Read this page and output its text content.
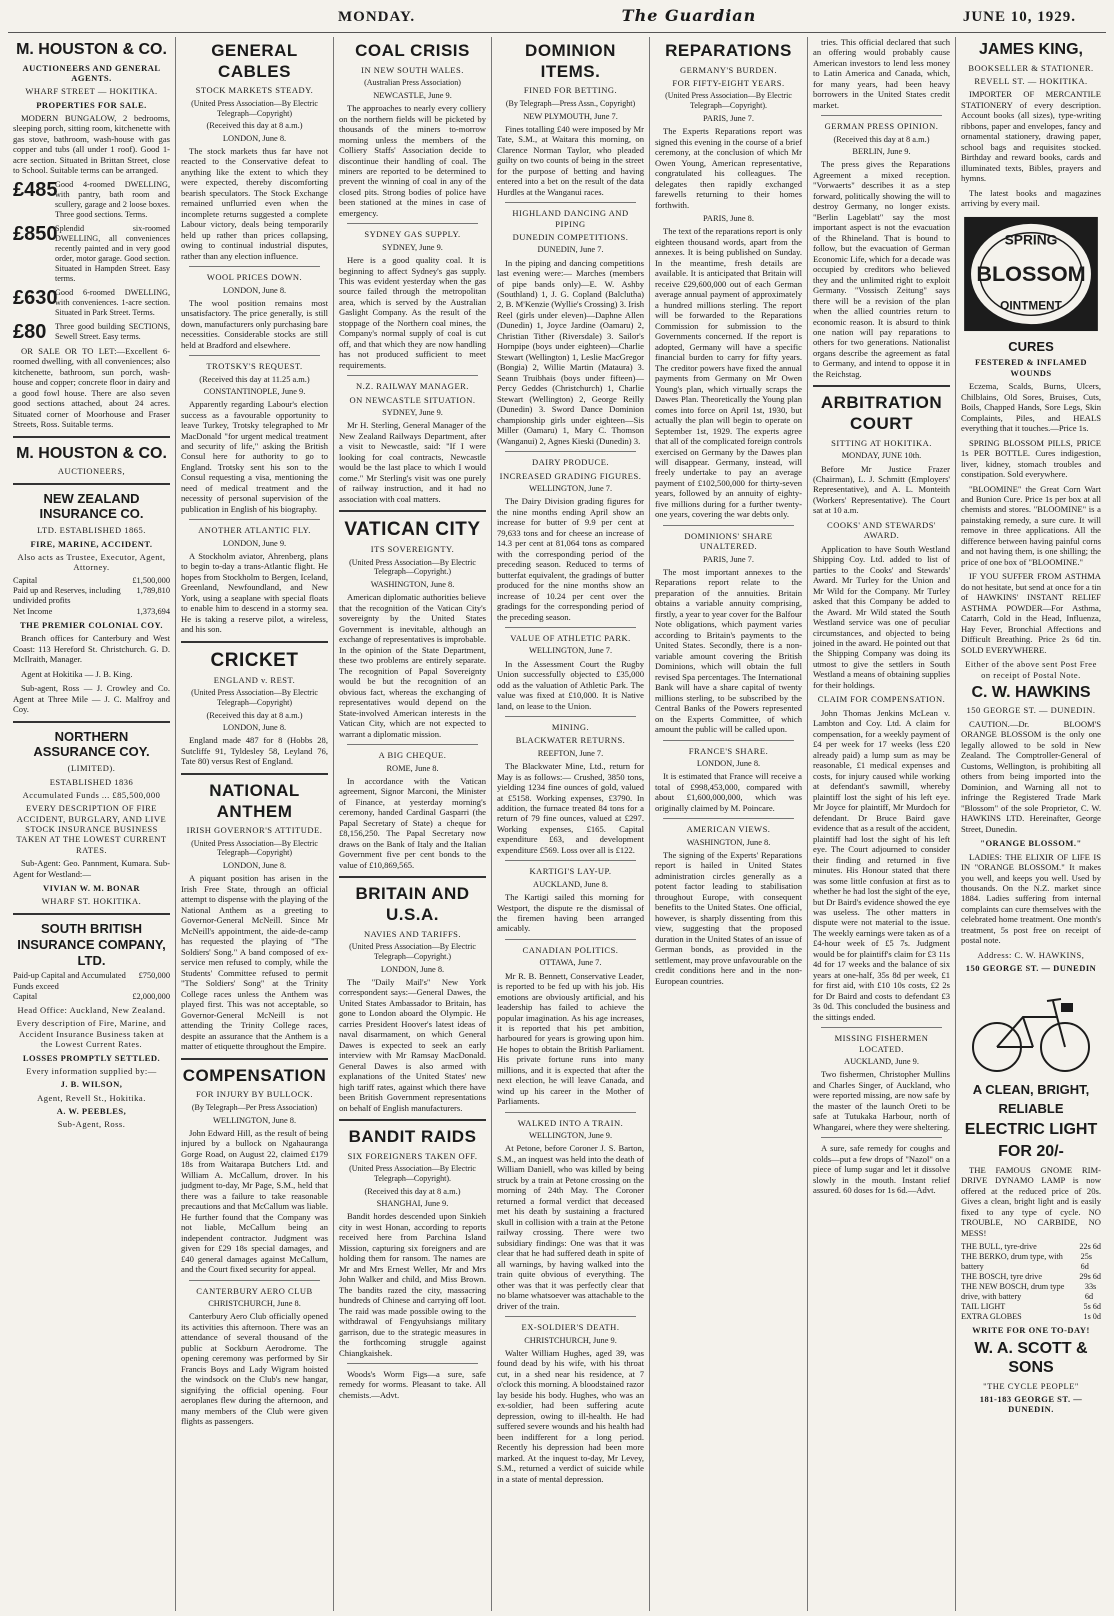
MONDAY.	The Guardian	JUNE 10, 1929.
M. HOUSTON & CO.
AUCTIONEERS AND GENERAL AGENTS.
WHARF STREET — HOKITIKA.
PROPERTIES FOR SALE.
MODERN BUNGALOW, 2 bedrooms, sleeping porch, sitting room, kitchenette with gas stove, bathroom, wash-house with gas copper and tubs (all under 1 roof). Good 1-acre section. Situated in Brittan Street, close to School. Suitable terms can be arranged.
£485
Good 4-roomed DWELLING, with pantry, bath room and scullery, garage and 2 loose boxes. Three good sections. Terms.
£850
Splendid six-roomed DWELLING, all conveniences recently painted and in very good order, motor garage. Good section. Situated in Hampden Street. Easy terms.
£630
Good 6-roomed DWELLING, with conveniences. 1-acre section. Situated in Park Street. Terms.
£80	Three good building SECTIONS, Sewell Street. Easy terms.
OR SALE OR TO LET:—Excellent 6-roomed dwelling, with all conveniences; also kitchenette, bathroom, sun porch, wash-house and copper; concrete floor in dairy and a good fowl house. There are also seven good sections attached, about 24 acres. Situated corner of Moorhouse and Fraser Streets, Ross. Suitable terms.
M. HOUSTON & CO.
AUCTIONEERS,
NEW ZEALAND INSURANCE CO.
LTD. ESTABLISHED 1865.
FIRE, MARINE, ACCIDENT.
Also acts as Trustee, Executor, Agent, Attorney.
Capital	£1,500,000
Paid up and Reserves, including undivided profits
1,789,810
Net Income	1,373,694
THE PREMIER COLONIAL COY.
Branch offices for Canterbury and West Coast: 113 Hereford St. Christchurch. G. D. McIlraith, Manager.
Agent at Hokitika — J. B. King.
Sub-agent, Ross — J. Crowley and Co. Agent at Three Mile — J. C. Malfroy and Coy.
NORTHERN ASSURANCE COY.
(LIMITED).
ESTABLISHED 1836
Accumulated Funds ... £85,500,000
EVERY DESCRIPTION OF FIRE ACCIDENT, BURGLARY, AND LIVE STOCK INSURANCE BUSINESS TAKEN AT THE LOWEST CURRENT RATES.
Sub-Agent: Geo. Pannment, Kumara. Sub-Agent for Westland:—
VIVIAN W. M. BONAR
WHARF ST. HOKITIKA.
SOUTH BRITISH INSURANCE COMPANY, LTD.
Paid-up Capital and Accumulated Funds exceed
£750,000
Capital	£2,000,000
Head Office: Auckland, New Zealand.
Every description of Fire, Marine, and Accident Insurance Business taken at the Lowest Current Rates.
LOSSES PROMPTLY SETTLED.
Every information supplied by:—
J. B. WILSON,
Agent, Revell St., Hokitika.
A. W. PEEBLES,
Sub-Agent, Ross.
GENERAL CABLES
STOCK MARKETS STEADY.
(United Press Association—By Electric Telegraph—Copyright)
(Received this day at 8 a.m.)
LONDON, June 8.
The stock markets thus far have not reacted to the Conservative defeat to anything like the extent to which they were expected, thereby discomforting bearish speculators. The Stock Exchange remained unflurried even when the incomplete returns suggested a complete Labour victory, deals being temporarily held up rather than prices collapsing, owing to continual industrial disputes, rather than any election influence.
WOOL PRICES DOWN.
LONDON, June 8.
The wool position remains most unsatisfactory. The price generally, is still down, manufacturers only purchasing bare necessities. Considerable stocks are still held at Bradford and elsewhere.
TROTSKY'S REQUEST.
(Received this day at 11.25 a.m.)
CONSTANTINOPLE, June 9.
Apparently regarding Labour's election success as a favourable opportunity to leave Turkey, Trotsky telegraphed to Mr MacDonald "for urgent medical treatment and security of life," asking the British Consul here for authority to go to England. Trotsky sent his son to the Consul requesting a visa, mentioning the need of medical treatment and the necessity of personal supervision of the publication in English of his biography.
ANOTHER ATLANTIC FLY.
LONDON, June 9.
A Stockholm aviator, Ahrenberg, plans to begin to-day a trans-Atlantic flight. He hopes from Stockholm to Bergen, Iceland, Greenland, Newfoundland, and New York, using a seaplane with special floats to enable him to descend in a stormy sea. He is taking a reserve pilot, a wireless, and his son.
CRICKET
ENGLAND v. REST.
(United Press Association—By Electric Telegraph—Copyright)
(Received this day at 8 a.m.)
LONDON, June 8.
England made 487 for 8 (Hobbs 28, Sutcliffe 91, Tyldesley 58, Leyland 76, Tate 80) versus Rest of England.
NATIONAL ANTHEM
IRISH GOVERNOR'S ATTITUDE.
(United Press Association—By Electric Telegraph—Copyright)
LONDON, June 8.
A piquant position has arisen in the Irish Free State, through an official attempt to dispense with the playing of the National Anthem as a greeting to Governor-General McNeill. Since Mr McNeill's appointment, the aide-de-camp has requested the playing of "The Soldiers' Song." A band composed of ex-service men refused to comply, while the Students' Committee refused to permit "The Soldiers' Song" at the Trinity College races unless the Anthem was played first. This was not acceptable, so Governor-General McNeill is not attending the Trinity College races, despite an assurance that the Anthem is a matter of etiquette throughout the Empire.
COMPENSATION
FOR INJURY BY BULLOCK.
(By Telegraph—Per Press Association)
WELLINGTON, June 8.
John Edward Hill, as the result of being injured by a bullock on Ngahauranga Gorge Road, on August 22, claimed £179 18s from Waitarapa Butchers Ltd. and William A. McCallum, drover. In his judgment to-day, Mr Page, S.M., held that there was a failure to take reasonable precautions and that McCallum was liable. He further found that the Company was not liable, McCallum being an independent contractor. Judgment was given for £29 18s special damages, and £40 general damages against McCallum, and the Court fixed security for appeal.
CANTERBURY AERO CLUB
CHRISTCHURCH, June 8.
Canterbury Aero Club officially opened its activities this afternoon. There was an attendance of several thousand of the public at Sockburn Aerodrome. The opening ceremony was performed by Sir Francis Boys and Lady Wigram hoisted the windsock on the Club's new hangar, signifying the official opening. Four aeroplanes flew during the afternoon, and many members of the Club were given flights as passengers.
COAL CRISIS
IN NEW SOUTH WALES.
(Australian Press Association)
NEWCASTLE, June 9.
The approaches to nearly every colliery on the northern fields will be picketed by thousands of the miners to-morrow morning unless the members of the Colliery Staffs' Association decide to discontinue their handling of coal. The miners are reported to be determined to prevent the winning of coal in any of the closed pits. Strong bodies of police have been stationed at the mines in case of emergency.
SYDNEY GAS SUPPLY.
SYDNEY, June 9.
Here is a good quality coal. It is beginning to affect Sydney's gas supply. This was evident yesterday when the gas source failed through the metropolitan area, which is served by the Australian Gaslight Company. As the result of the stoppage of the Northern coal mines, the Company's normal supply of coal is cut off, and that which they are now handling has not produced sufficient to meet requirements.
N.Z. RAILWAY MANAGER.
ON NEWCASTLE SITUATION.
SYDNEY, June 9.
Mr H. Sterling, General Manager of the New Zealand Railways Department, after a visit to Newcastle, said: "If I were looking for coal contracts, Newcastle would be the last place to which I would come." Mr Sterling's visit was one purely of railway instruction, and it had no association with coal matters.
VATICAN CITY
ITS SOVEREIGNTY.
(United Press Association—By Electric Telegraph—Copyright.)
WASHINGTON, June 8.
American diplomatic authorities believe that the recognition of the Vatican City's sovereignty by the United States Government is inevitable, although an exchange of representatives is improbable. In the opinion of the State Department, these two problems are entirely separate. The recognition of Papal Sovereignty would be but the recognition of an obvious fact, whereas the exchanging of representatives would depend on the State-involved American interests in the Vatican City, which are not expected to warrant a diplomatic mission.
A BIG CHEQUE.
ROME, June 8.
In accordance with the Vatican agreement, Signor Marconi, the Minister of Finance, at yesterday morning's ceremony, handed Cardinal Gasparri (the Papal Secretary of State) a cheque for £8,156,250. The Papal Secretary now draws on the Bank of Italy and the Italian Government five per cent bonds to the value of £10,869,565.
BRITAIN AND U.S.A.
NAVIES AND TARIFFS.
(United Press Association—By Electric Telegraph—Copyright.)
LONDON, June 8.
The "Daily Mail's" New York correspondent says:—General Dawes, the United States Ambassador to Britain, has gone to London aboard the Olympic. He carries President Hoover's latest ideas of naval disarmament, on which General Dawes is expected to seek an early interview with Mr Ramsay MacDonald. General Dawes is also armed with explanations of the United States' new high tariff rates, against which there have been British Government representations on behalf of English manufacturers.
BANDIT RAIDS
SIX FOREIGNERS TAKEN OFF.
(United Press Association—By Electric Telegraph—Copyright).
(Received this day at 8 a.m.)
SHANGHAI, June 9.
Bandit hordes descended upon Sinkieh city in west Honan, according to reports received here from Parchina Island Mission, capturing six foreigners and are holding them for ransom. The names are Mr and Mrs Ernest Weller, Mr and Mrs John Walker and child, and Miss Brown. The bandits razed the city, massacring hundreds of Chinese and carrying off loot. The raid was made possible owing to the withdrawal of Fengyuhsiangs military garrison, due to the strategic measures in the forthcoming struggle against Chiangkaishek.
Woods's Worm Figs—a sure, safe remedy for worms. Pleasant to take. All chemists.—Advt.
DOMINION ITEMS.
FINED FOR BETTING.
(By Telegraph—Press Assn., Copyright)
NEW PLYMOUTH, June 7.
Fines totalling £40 were imposed by Mr Tate, S.M., at Waitara this morning, on Clarence Norman Taylor, who pleaded guilty on two counts of being in the street for the purpose of betting and having entered into a bet on the result of the data Hurdles at the Wanganui races.
HIGHLAND DANCING AND PIPING
DUNEDIN COMPETITIONS.
DUNEDIN, June 7.
In the piping and dancing competitions last evening were:— Marches (members of pipe bands only)—E. W. Ashby (Southland) 1, J. G. Copland (Balclutha) 2, B. M'Kenzie (Wyllie's Crossing) 3. Irish Reel (girls under eleven)—Daphne Allen (Dunedin) 1, Joyce Jardine (Oamaru) 2, Christian Tither (Riversdale) 3. Sailor's Hornpipe (boys under eighteen)—Charlie Stewart (Wellington) 1, Leslie MacGregor (Bongia) 2, Willie Martin (Mataura) 3. Seann Truibhais (boys under fifteen)—Percy Geddes (Christchurch) 1, Charlie Stewart (Wellington) 2, George Reilly (Dunedin) 3. Sword Dance Dominion championship girls under eighteen—Sis Miller (Oamaru) 1, Mary C. Thomson (Wanganui) 2, Agnes Kieski (Dunedin) 3.
DAIRY PRODUCE.
INCREASED GRADING FIGURES.
WELLINGTON, June 7.
The Dairy Division grading figures for the nine months ending April show an increase for butter of 9.9 per cent at 79,633 tons and for cheese an increase of 14.3 per cent at 81,064 tons as compared with the corresponding period of the preceding season. Reduced to terms of butterfat equivalent, the gradings of butter produced for the nine months show an increase of 10.24 per cent over the gradings for the corresponding period of the preceding season.
VALUE OF ATHLETIC PARK.
WELLINGTON, June 7.
In the Assessment Court the Rugby Union successfully objected to £35,000 odd as the valuation of Athletic Park. The value was fixed at £10,000. It is Native land, on lease to the Union.
MINING.
BLACKWATER RETURNS.
REEFTON, June 7.
The Blackwater Mine, Ltd., return for May is as follows:— Crushed, 3850 tons, yielding 1234 fine ounces of gold, valued at £5158. Working expenses, £3790. In addition, the furnace treated 84 tons for a return of 79 fine ounces, valued at £297. Working expenses, £165. Capital expenditure £63, and development expenditure £569. Loss over all is £122.
KARTIGI'S LAY-UP.
AUCKLAND, June 8.
The Kartigi sailed this morning for Westport, the dispute re the dismissal of the firemen having been arranged amicably.
CANADIAN POLITICS.
OTTAWA, June 7.
Mr R. B. Bennett, Conservative Leader, is reported to be fed up with his job. His emotions are obviously artificial, and his leadership has failed to achieve the popular imagination. As his age increases, it is reported that his pet ambition, harboured for years is growing upon him. He hopes to obtain the British Parliament. His private fortune runs into many millions, and it is expected that after the next election, he will leave Canada, and wind up his career in the Mother of Parliaments.
WALKED INTO A TRAIN.
WELLINGTON, June 9.
At Petone, before Coroner J. S. Barton, S.M., an inquest was held into the death of William Daniell, who was killed by being struck by a train at Petone crossing on the morning of 24th May. The Coroner returned a formal verdict that deceased met his death by sustaining a fractured skull in collision with a train at the Petone railway crossing. There were two subsidiary findings: One was that it was clear that he had suffered death in spite of all warnings, by having walked into the train quite obvious of everything. The other was that it was perfectly clear that no blame whatsoever was attachable to the driver of the train.
EX-SOLDIER'S DEATH.
CHRISTCHURCH, June 9.
Walter William Hughes, aged 39, was found dead by his wife, with his throat cut, in a shed near his residence, at 7 o'clock this morning. A bloodstained razor lay beside his body. Hughes, who was an ex-soldier, had been suffering acute depression, owing to ill-health. He had suffered severe wounds and his health had been indifferent for a long period. Recently his depression had been more marked. At the inquest to-day, Mr Levey, S.M., returned a verdict of suicide while in a state of mental depression.
REPARATIONS
GERMANY'S BURDEN.
FOR FIFTY-EIGHT YEARS.
(United Press Association—By Electric Telegraph—Copyright).
PARIS, June 7.
The Experts Reparations report was signed this evening in the course of a brief ceremony, at the conclusion of which Mr Owen Young, American representative, congratulated his colleagues. The delegates then rapidly exchanged farewells returning to their homes forthwith.
PARIS, June 8.
The text of the reparations report is only eighteen thousand words, apart from the annexes. It is being published on Sunday. In the meantime, fresh details are available. It is anticipated that Britain will receive £29,600,000 out of each German average annual payment of approximately a hundred millions sterling. The report will be forwarded to the Reparations Commission for submission to the Governments concerned. If the report is adopted, Germany will have a specific financial burden to carry for fifty years. The creditor powers have fixed the annual payments from Germany on Mr Owen Young's plan, which virtually scraps the Dawes Plan. Theoretically the Young plan comes into force on April 1st, 1930, but actually the plan will begin to operate on September 1st, 1929. The experts agree that all of the complicated foreign controls exercised on Germany by the Dawes plan will disappear. Germany, instead, will freely undertake to pay an average payment of £102,500,000 for thirty-seven years, followed by an annuity of eighty-five millions during for a further twenty-one years, covering the war debts only.
DOMINIONS' SHARE UNALTERED.
PARIS, June 7.
The most important annexes to the Reparations report relate to the preparation of the annuities. Britain obtains a variable annuity comprising, firstly, a year to year cover for the Balfour Note obligations, which payment varies according to Britain's payments to the United States. Secondly, there is a non-variable amount covering the British Dominions, which will obtain the full revised Spa percentages. The International Bank will have a share capital of twenty millions sterling, to be subscribed by the Central Banks of the Powers represented on the Experts Committee, of which amount the public will be called upon.
FRANCE'S SHARE.
LONDON, June 8.
It is estimated that France will receive a total of £998,453,000, compared with about £1,600,000,000, which was originally claimed by M. Poincare.
AMERICAN VIEWS.
WASHINGTON, June 8.
The signing of the Experts' Reparations report is hailed in United States administration circles generally as a potent factor leading to stabilisation throughout Europe, with consequent benefits to the United States. One official, however, is sharply dissenting from this view, suggesting that the proposed duration in the United States of an issue of German bonds, as provided in the settlement, may prove unfavourable on the credit conditions here and in the non-European countries.
tries. This official declared that such an offering would probably cause American investors to lend less money to Latin America and Canada, which, for many years, had been heavy borrowers in the United States credit market.
GERMAN PRESS OPINION.
(Received this day at 8 a.m.)
BERLIN, June 9.
The press gives the Reparations Agreement a mixed reception. "Vorwaerts" describes it as a step forward, politically showing the will to destroy Germany, no longer exists. "Berlin Lageblatt" say the most important aspect is not the evacuation of the Rhineland. That is bound to follow, but the evacuation of German Economic Life, which for a decade was occupied by creditors who believed they and the unlimited right to exploit Germany. "Vossisch Zeitung" says there will be a revision of the plan when the allied countries return to economic reason. It is absurd to think one nation will pay reparations to others for two generations. Nationalist organs describe the agreement as fatal to Germany, and intend to oppose it in the Reichstag.
ARBITRATION COURT
SITTING AT HOKITIKA.
MONDAY, JUNE 10th.
Before Mr Justice Frazer (Chairman), L. J. Schmitt (Employers' Representative), and A. L. Monteith (Workers' Representative). The Court sat at 10 a.m.
COOKS' AND STEWARDS' AWARD.
Application to have South Westland Shipping Coy. Ltd. added to list of parties to the Cooks' and Stewards' Award. Mr Turley for the Union and Mr Wild for the Company. Mr Turley asked that this Company be added to the Award. Mr Wild stated the South Westland service was one of peculiar circumstances, and objected to being joined in the award. He pointed out that the Shipping Company was doing its utmost to give the settlers in South Westland a means of obtaining supplies for their holdings.
CLAIM FOR COMPENSATION.
John Thomas Jenkins McLean v. Lambton and Coy. Ltd. A claim for compensation, for a weekly payment of £4 per week for 17 weeks (less £20 already paid) a lump sum as may be reasonable, £1 medical expenses and costs, for injury caused while working at defendant's sawmill, whereby plaintiff lost the sight of his left eye. Mr Joyce for plaintiff, Mr Murdoch for defendant. Dr Bruce Baird gave evidence that as a result of the accident, plaintiff had lost the sight of his left eye. The Court adjourned to consider their finding and returned in five minutes. His Honour stated that there was some little confusion at first as to whether he had lost the sight of the eye, but Dr Baird's evidence showed the eye was useless. The other matters in dispute were not material to the issue. The weekly earnings were taken as of a £4-hour week of £5 7s. Judgment would be for plaintiff's claim for £3 11s 4d for 17 weeks and the balance of six years at one-half, 35s 8d per week, £1 for first aid, with £10 10s costs, £2 2s for Dr Baird and costs to defendant £3 3s 0d. This concluded the business and the sittings ended.
MISSING FISHERMEN LOCATED.
AUCKLAND, June 9.
Two fishermen, Christopher Mullins and Charles Singer, of Auckland, who were reported missing, are now safe by the master of the launch Oreti to be safe at Tutukaka Harbour, north of Whangarei, where they were sheltering.
A sure, safe remedy for coughs and colds—put a few drops of "Nazol" on a piece of lump sugar and let it dissolve slowly in the mouth. Instant relief assured. 60 doses for 1s 6d.—Advt.
JAMES KING,
BOOKSELLER & STATIONER.
REVELL ST. — HOKITIKA.
IMPORTER OF MERCANTILE STATIONERY of every description. Account books (all sizes), type-writing ribbons, paper and envelopes, fancy and ornamental stationery, drawing paper, school bags and requisites stocked. Birthday and reward books, cards and illuminated texts, Bibles, prayers and hymns.
The latest books and magazines arriving by every mail.
SPRING
BLOSSOM
OINTMENT
CURES
FESTERED & INFLAMED WOUNDS
Eczema, Scalds, Burns, Ulcers, Chilblains, Old Sores, Bruises, Cuts, Boils, Chapped Hands, Sore Legs, Skin Complaints, Piles, and HEALS everything that it touches.—Price 1s.
SPRING BLOSSOM PILLS, PRICE 1s PER BOTTLE. Cures indigestion, liver, kidney, stomach troubles and constipation. Sold everywhere.
"BLOOMINE" the Great Corn Wart and Bunion Cure. Price 1s per box at all chemists and stores. "BLOOMINE" is a painstaking remedy, a sure cure. It will remove in three applications. All the difference between having painful corns and not having them, is one shilling; the price of one box of "BLOOMINE."
IF YOU SUFFER FROM ASTHMA do not hesitate, but send at once for a tin of HAWKINS' INSTANT RELIEF ASTHMA POWDER—For Asthma, Catarrh, Cold in the Head, Influenza, Hay Fever, Bronchial Affections and Difficult Breathing. Price 2s 6d tin. SOLD EVERYWHERE.
Either of the above sent Post Free on receipt of Postal Note.
C. W. HAWKINS
150 GEORGE ST. — DUNEDIN.
CAUTION.—Dr. BLOOM'S ORANGE BLOSSOM is the only one legally allowed to be sold in New Zealand. The Comptroller-General of Customs, Wellington, is prohibiting all others from being imported into the Dominion, and Warning all not to infringe the Registered Trade Mark "Blossom" of the sole Proprietor, C. W. HAWKINS LTD. Hereinafter, George Street, Dunedin.
"ORANGE BLOSSOM."
LADIES: THE ELIXIR OF LIFE IS IN "ORANGE BLOSSOM." It makes you well, and keeps you well. Used by thousands. On the N.Z. market since 1884. Ladies suffering from internal complaints can cure themselves with the celebrated home treatment. One month's treatment, 5s post free on receipt of postal note.
Address: C. W. HAWKINS,
150 GEORGE ST. — DUNEDIN
A CLEAN, BRIGHT,
RELIABLE
ELECTRIC LIGHT
FOR 20/-
THE FAMOUS GNOME RIM-DRIVE DYNAMO LAMP is now offered at the reduced price of 20s. Gives a clean, bright light and is easily fixed to any type of cycle. NO TROUBLE, NO CARBIDE, NO MESS!
THE BULL, tyre-drive	22s 6d
THE BERKO, drum type, with battery
25s 6d
THE BOSCH, tyre drive	29s 6d
THE NEW BOSCH, drum type drive, with battery
33s 6d
TAIL LIGHT	5s 6d
EXTRA GLOBES	1s 0d
WRITE FOR ONE TO-DAY!
W. A. SCOTT & SONS
"THE CYCLE PEOPLE"
181-183 GEORGE ST. — DUNEDIN.
